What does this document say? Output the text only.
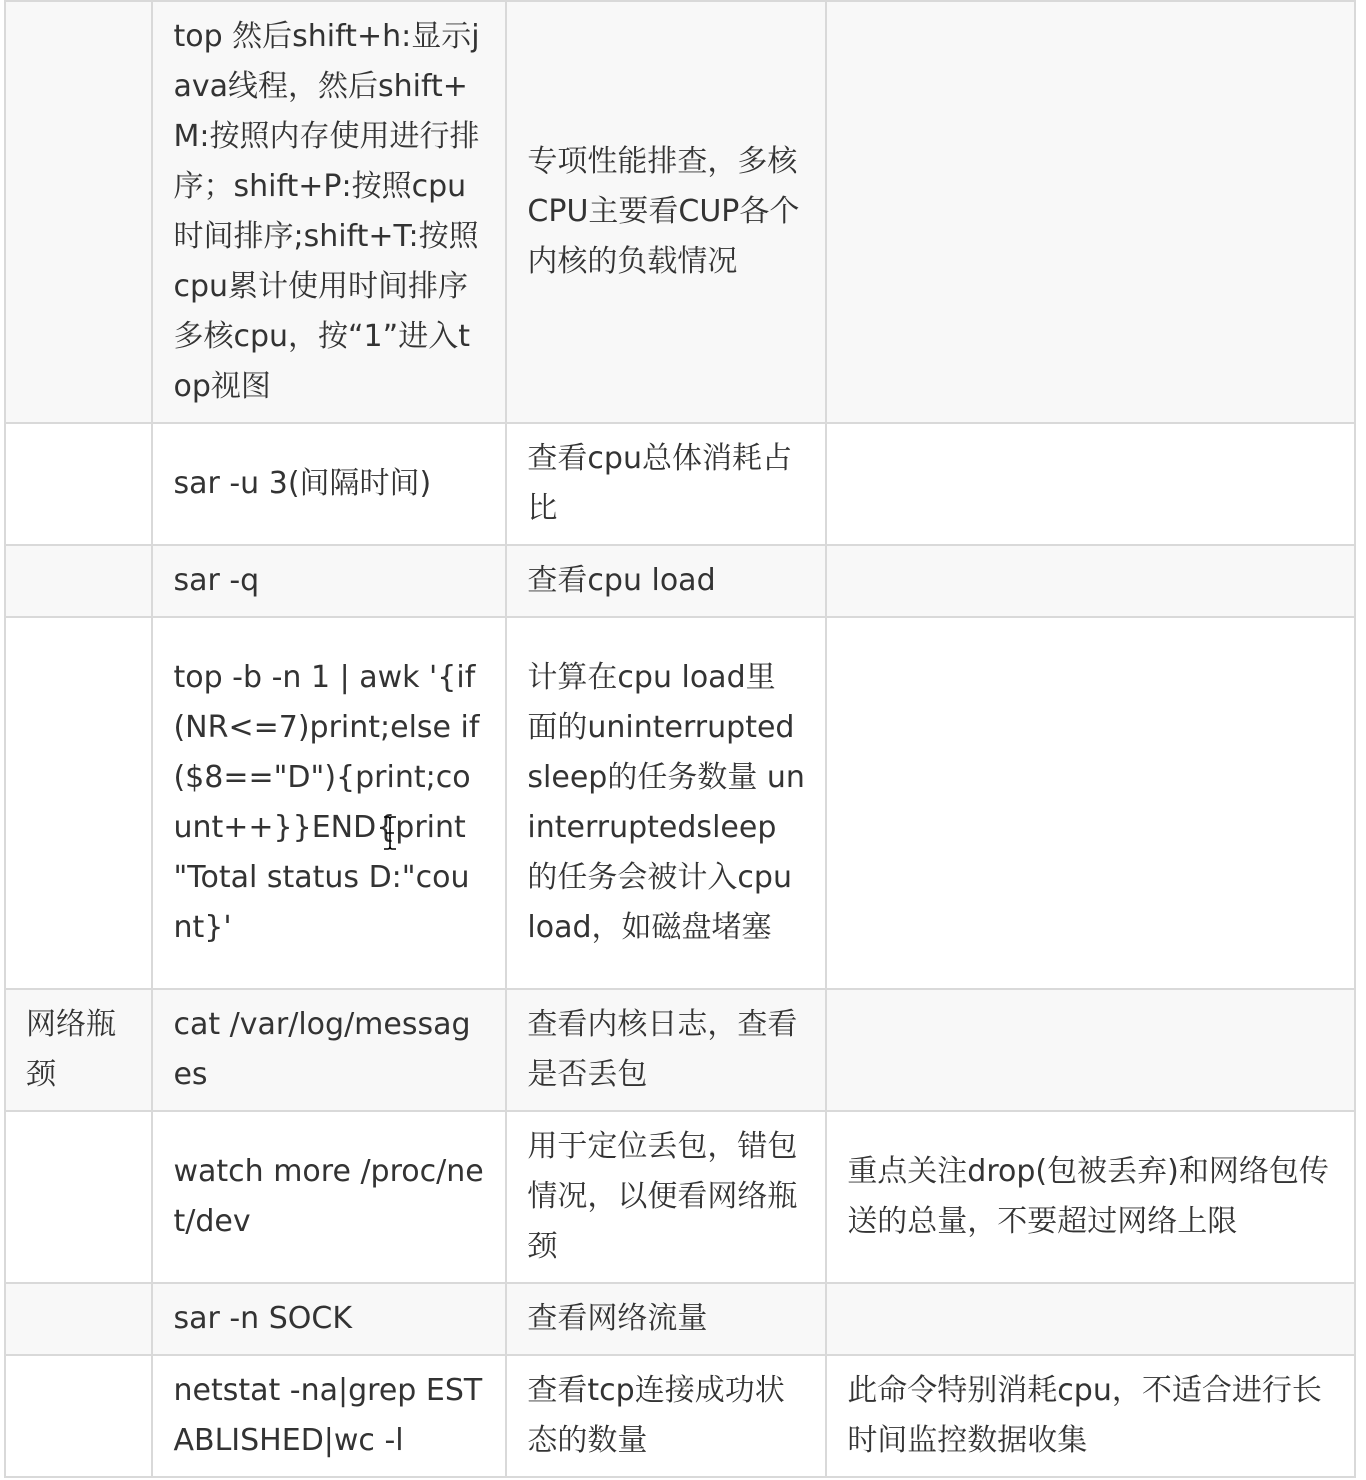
	top 然后shift+h:显示java线程，然后shift+M:按照内存使用进行排序；shift+P:按照cpu时间排序;shift+T:按照cpu累计使用时间排序多核cpu，按“1”进入top视图	专项性能排查，多核CPU主要看CUP各个内核的负载情况	
	sar -u 3(间隔时间)	查看cpu总体消耗占比	
	sar -q	查看cpu load	
	top -b -n 1 | awk '{if (NR<=7)print;else if($8=="D"){print;count++}}END{print "Total status D:"count}'	计算在cpu load里面的uninterrupted sleep的任务数量 uninterruptedsleep的任务会被计入cpu load，如磁盘堵塞	
网络瓶颈	cat /var/log/messages	查看内核日志，查看是否丢包	
	watch more /proc/net/dev	用于定位丢包，错包情况，以便看网络瓶颈	重点关注drop(包被丢弃)和网络包传送的总量，不要超过网络上限
	sar -n SOCK	查看网络流量	
	netstat -na|grep ESTABLISHED|wc -l	查看tcp连接成功状态的数量	此命令特别消耗cpu，不适合进行长时间监控数据收集
